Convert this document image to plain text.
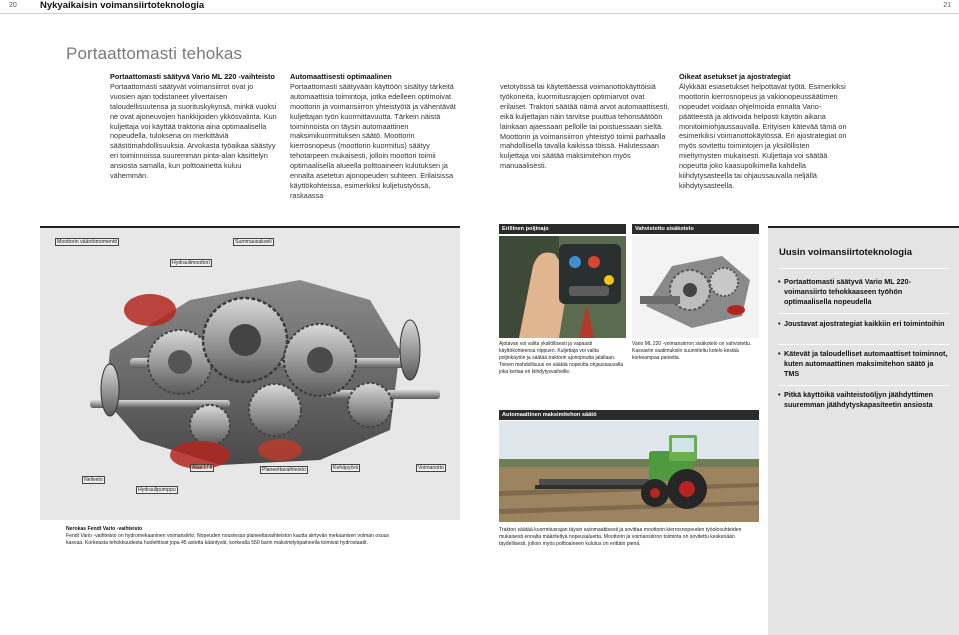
20 Nykyaikaisin voimansiirtoteknologia	21
Portaattomasti tehokas

Portaattomasti säätyvä Vario ML 220 -vaihteisto

Portaattomasti säätyvät voimansiirrot ovat jo vuosien ajan todistaneet ylivertaisen taloudellisuutensa ja suorituskykynsä, minkä vuoksi ne ovat ajoneuvojen hankkijoiden ykkösvalinta. Kun kuljettaja voi käyttää traktoria aina optimaalisella nopeudella, tuloksena on merkittäviä säästömahdollisuuksia. Arvokasta työaikaa säästyy eri toiminnoissa suuremman pinta-alan käsittelyn ansiosta samalla, kun polttoainetta kuluu vähemmän.

Automaattisesti optimaalinen

Portaattomasti säätyvään käyttöön sisältyy tärkeitä automaattisia toimintoja, jotka edelleen optimoivat moottorin ja voimansiirron yhteistyötä ja vähentävät kuljettajan työn kuormittavuutta. Tärkein näistä toiminnoista on täysin automaattinen maksimikuormituksen säätö. Moottorin kierrosnopeus (moottorin kuormitus) säätyy tehotarpeen mukaisesti, jolloin moottori toimii optimaalisella alueella polttoaineen kulutuksen ja ennalta asetetun ajonopeuden suhteen. Erilaisissa käyttökohteissa, esimerkiksi kuljetustyössä, raskaassa

vetotyössä tai käytettäessä voimanottokäyttöisiä työkoneita, kuormitusrajojen optimiarvot ovat erilaiset. Traktori säätää nämä arvot automaattisesti, eikä kuljettajan näin tarvitse puuttua tehonsäätöön lainkaan ajaessaan pellolle tai poistuessaan sieltä. Moottorin ja voimansiirron yhteistyö toimii parhaalla mahdollisella tavalla kaikissa töissä. Halutessaan kuljettaja voi säätää maksimitehon myös manuaalisesti.

Oikeat asetukset ja ajostrategiat

Älykkäät esiasetukset helpottavat työtä. Esimerkiksi moottorin kierrosnopeus ja vakionopeussäätimen nopeudet voidaan ohjelmoida ennalta Vario-päätteestä ja aktivoida helposti käytön aikana monitoimiohjaussauvalla. Erityisen kätevää tämä on esimerkiksi voimanottokäytössä. Eri ajostrategiat on myös sovitettu toimintojen ja yksilöllisten mieltymysten mukaisesti. Kuljettaja voi säätää nopeutta joko kaasupolkimella kahdella kiihdytysasteella tai ohjaussauvalla neljällä kiihdytysasteella.

Moottorin vääntömomentti	Summausakseli
Hydraulimoottori
Neliveto
Alue I / II	Planeettavaihteisto	Kehäpyörä	Voimanotto
Hydraulipumppu
Nerokas Fendt Vario -vaihteisto
Fendt Vario -vaihteisto on hydromekaaninen voimansiirto. Nopeuden noustessa planeettavaihteiston kautta siirtyvän mekaanisen voiman osuus kasvaa. Korkeasta tehokkuudesta huolehtivat jopa 45 astetta kääntyvät, korkealla 550 barin maksimityöpaineella toimivat hydrostaatit.
Erillinen poljinajo
Ajotavan voi valita yksilöllisesti ja vapaasti käyttökohteensa riippuen. Kuljettaja voi valita poljinkäytön ja säätää traktorin ajonopeutta jalallaan. Toinen mahdollisuus on säätää nopeutta ohjaussauvalla joka kertaa eri kiihdytysvaiheille.
Vahvistettu sisäkotelo
Vario ML 220 -voimansiirron sisäkotelo on vahvistettu. Kasvaviin vaatimuksiin suunniteltu kotelo kestää korkeampaa painetta.
Automaattinen maksimitehon säätö
Traktori säätää kuormitusrajan täysin automaattisesti ja sovittaa moottorin kierrosnopeuden työolosuhteiden mukaisesti ennalta määriteltyä nopeusaluetta. Moottorin ja voimansiirron toiminta on sovitettu keskenään täydellisesti, jolloin myös polttoaineen kulutus on erittäin pienä.
Uusin voimansiirtoteknologia
• Portaattomasti säätyvä Vario ML 220-voimansiirto tehokkaaseen työhön optimaalisella nopeudella
• Joustavat ajostrategiat kaikkiin eri toimintoihin
• Kätevät ja taloudelliset automaattiset toiminnot, kuten automaattinen maksimitehon säätö ja TMS
• Pitkä käyttöikä vaihteistoöljyn jäähdyttimen suuremman jäähdytyskapasiteetin ansiosta
